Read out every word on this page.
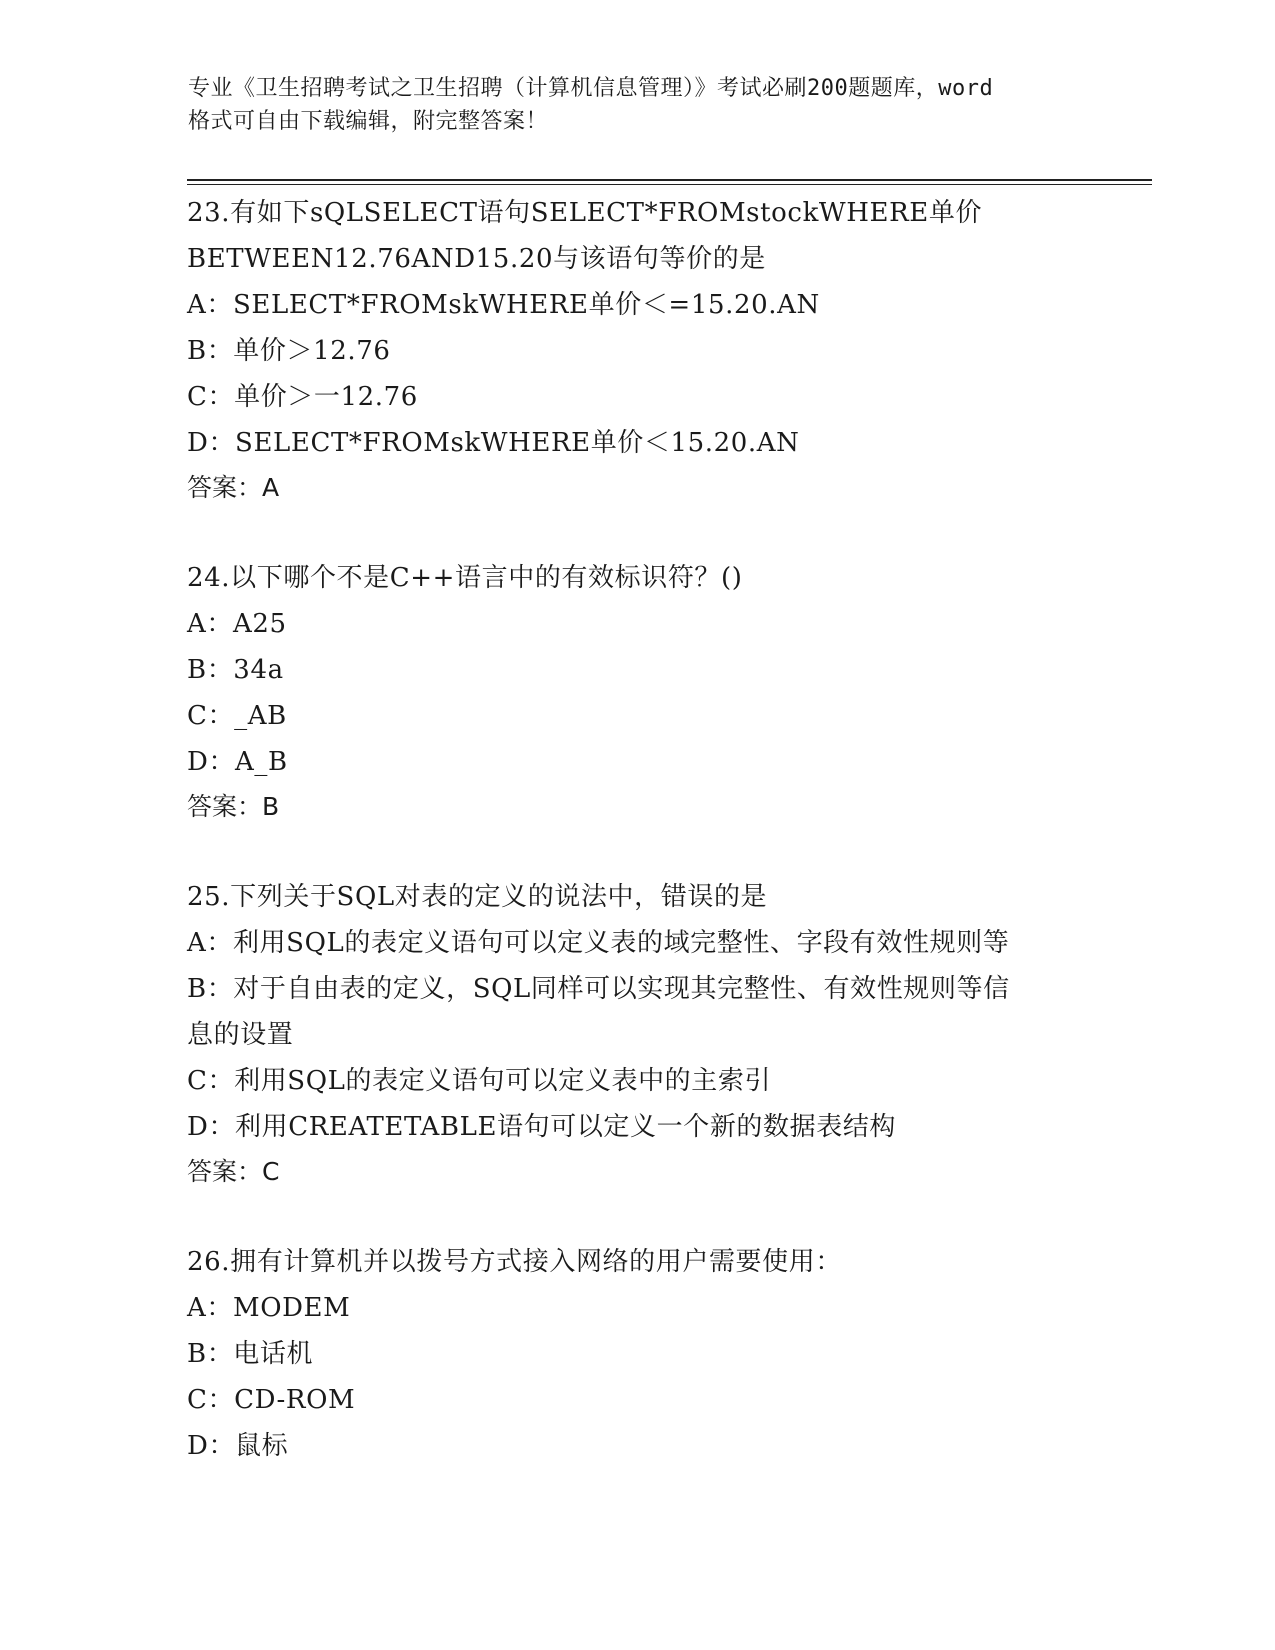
专业《卫生招聘考试之卫生招聘（计算机信息管理）》考试必刷200题题库，word
格式可自由下载编辑，附完整答案！
23.有如下sQLSELECT语句SELECT*FROMstockWHERE单价
BETWEEN12.76AND15.20与该语句等价的是
A：SELECT*FROMskWHERE单价＜=15.20.AN
B：单价＞12.76
C：单价＞一12.76
D：SELECT*FROMskWHERE单价＜15.20.AN
答案：A
24.以下哪个不是C++语言中的有效标识符？()
A：A25
B：34a
C：_AB
D：A_B
答案：B
25.下列关于SQL对表的定义的说法中，错误的是
A：利用SQL的表定义语句可以定义表的域完整性、字段有效性规则等
B：对于自由表的定义，SQL同样可以实现其完整性、有效性规则等信
息的设置
C：利用SQL的表定义语句可以定义表中的主索引
D：利用CREATETABLE语句可以定义一个新的数据表结构
答案：C
26.拥有计算机并以拨号方式接入网络的用户需要使用：
A：MODEM
B：电话机
C：CD-ROM
D：鼠标
